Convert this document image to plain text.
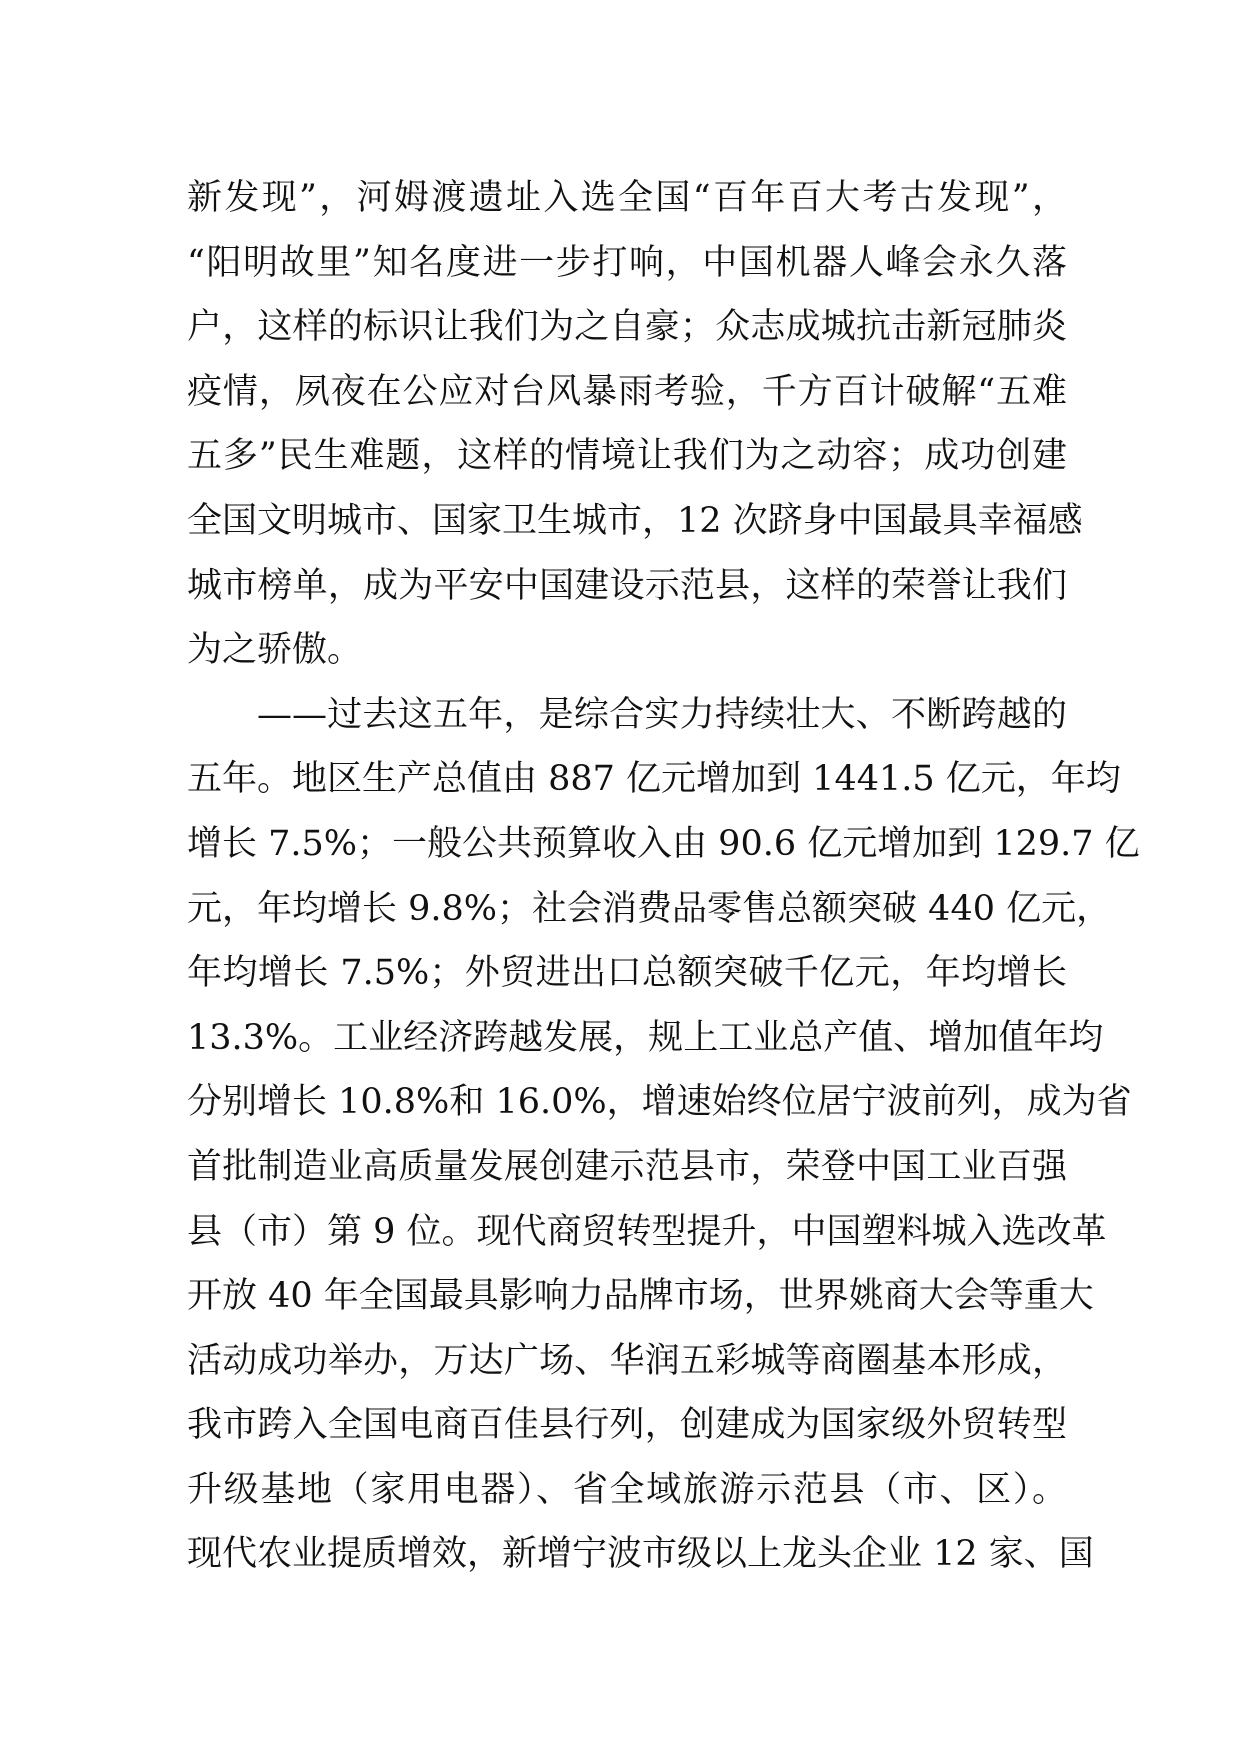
新发现”，河姆渡遗址入选全国“百年百大考古发现”，
“阳明故里”知名度进一步打响，中国机器人峰会永久落
户，这样的标识让我们为之自豪；众志成城抗击新冠肺炎
疫情，夙夜在公应对台风暴雨考验，千方百计破解“五难
五多”民生难题，这样的情境让我们为之动容；成功创建
全国文明城市、国家卫生城市，12 次跻身中国最具幸福感
城市榜单，成为平安中国建设示范县，这样的荣誉让我们
为之骄傲。
——过去这五年，是综合实力持续壮大、不断跨越的
五年。地区生产总值由 887 亿元增加到 1441.5 亿元，年均
增长 7.5%；一般公共预算收入由 90.6 亿元增加到 129.7 亿
元，年均增长 9.8%；社会消费品零售总额突破 440 亿元，
年均增长 7.5%；外贸进出口总额突破千亿元，年均增长
13.3%。工业经济跨越发展，规上工业总产值、增加值年均
分别增长 10.8%和 16.0%，增速始终位居宁波前列，成为省
首批制造业高质量发展创建示范县市，荣登中国工业百强
县（市）第 9 位。现代商贸转型提升，中国塑料城入选改革
开放 40 年全国最具影响力品牌市场，世界姚商大会等重大
活动成功举办，万达广场、华润五彩城等商圈基本形成，
我市跨入全国电商百佳县行列，创建成为国家级外贸转型
升级基地（家用电器）、省全域旅游示范县（市、区）。
现代农业提质增效，新增宁波市级以上龙头企业 12 家、国
